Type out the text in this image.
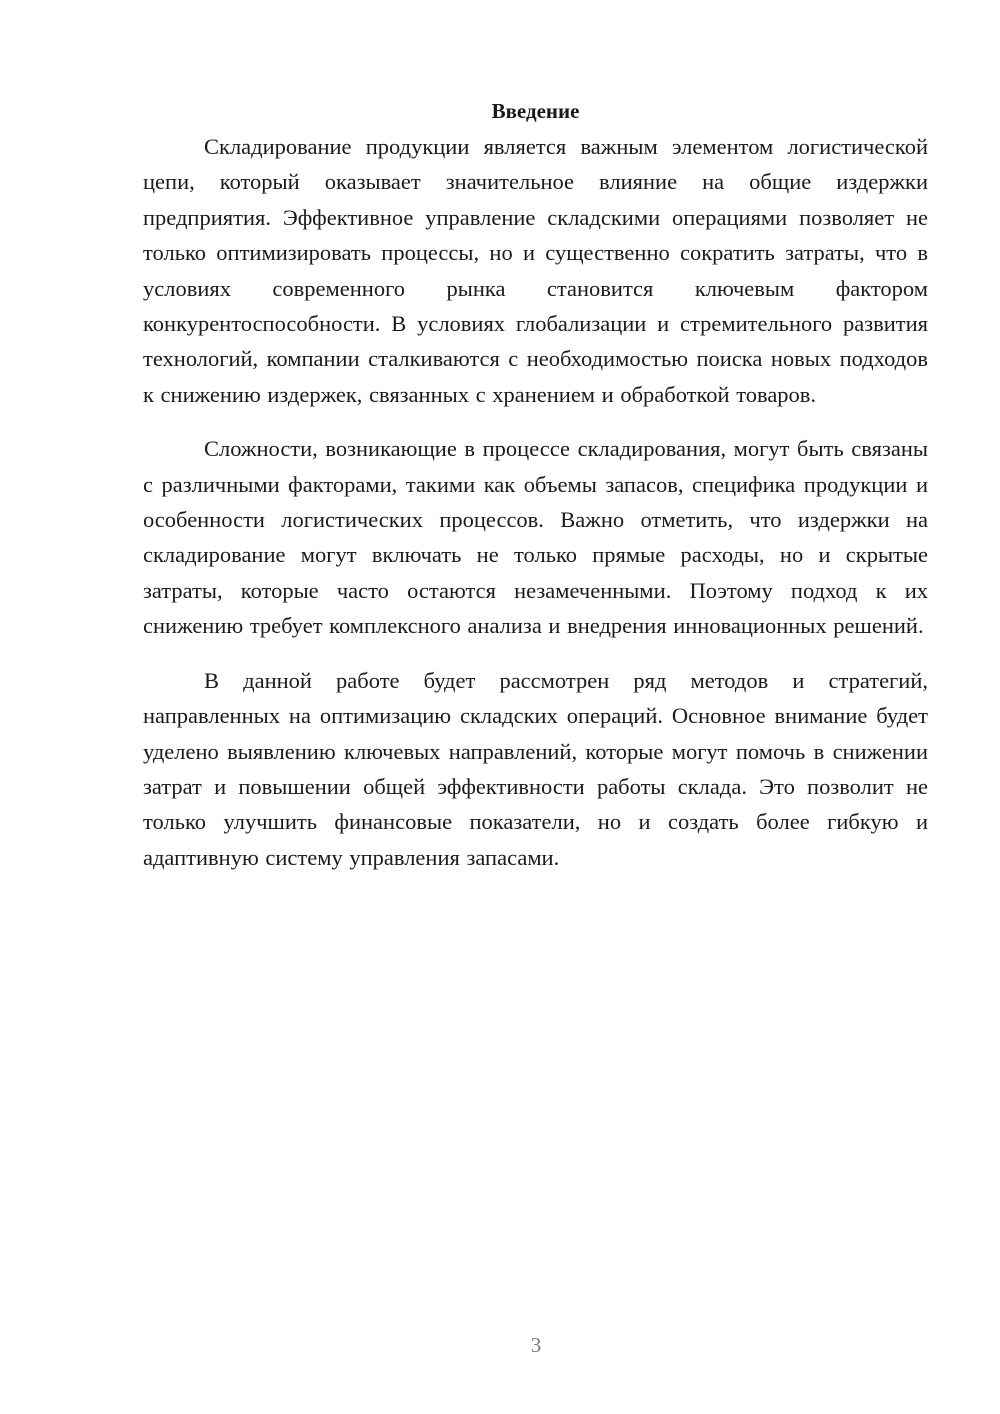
Введение

Складирование продукции является важным элементом логистической цепи, который оказывает значительное влияние на общие издержки предприятия. Эффективное управление складскими операциями позволяет не только оптимизировать процессы, но и существенно сократить затраты, что в условиях современного рынка становится ключевым фактором конкурентоспособности. В условиях глобализации и стремительного развития технологий, компании сталкиваются с необходимостью поиска новых подходов к снижению издержек, связанных с хранением и обработкой товаров.

Сложности, возникающие в процессе складирования, могут быть связаны с различными факторами, такими как объемы запасов, специфика продукции и особенности логистических процессов. Важно отметить, что издержки на складирование могут включать не только прямые расходы, но и скрытые затраты, которые часто остаются незамеченными. Поэтому подход к их снижению требует комплексного анализа и внедрения инновационных решений.

В данной работе будет рассмотрен ряд методов и стратегий, направленных на оптимизацию складских операций. Основное внимание будет уделено выявлению ключевых направлений, которые могут помочь в снижении затрат и повышении общей эффективности работы склада. Это позволит не только улучшить финансовые показатели, но и создать более гибкую и адаптивную систему управления запасами.

3
